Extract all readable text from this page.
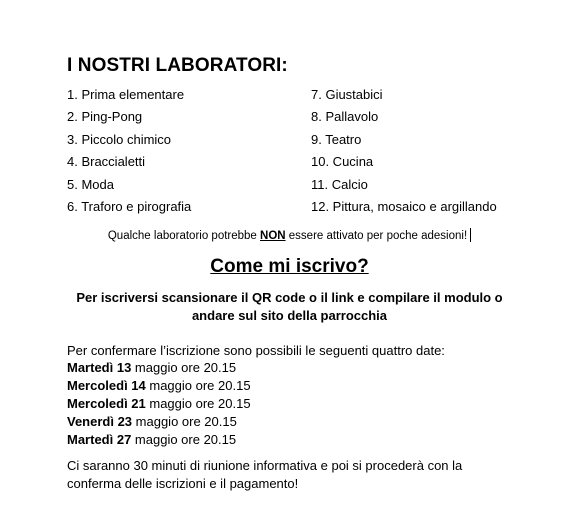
I NOSTRI LABORATORI:
1. Prima elementare
2. Ping-Pong
3. Piccolo chimico
4. Braccialetti
5. Moda
6. Traforo e pirografia
7. Giustabici
8. Pallavolo
9. Teatro
10. Cucina
11. Calcio
12. Pittura, mosaico e argillando
Qualche laboratorio potrebbe NON essere attivato per poche adesioni!
Come mi iscrivo?
Per iscriversi scansionare il QR code o il link e compilare il modulo o andare sul sito della parrocchia
Per confermare l’iscrizione sono possibili le seguenti quattro date:
Martedì 13 maggio ore 20.15
Mercoledì 14 maggio ore 20.15
Mercoledì 21 maggio ore 20.15
Venerdì 23 maggio ore 20.15
Martedì 27 maggio ore 20.15
Ci saranno 30 minuti di riunione informativa e poi si procederà con la conferma delle iscrizioni e il pagamento!
